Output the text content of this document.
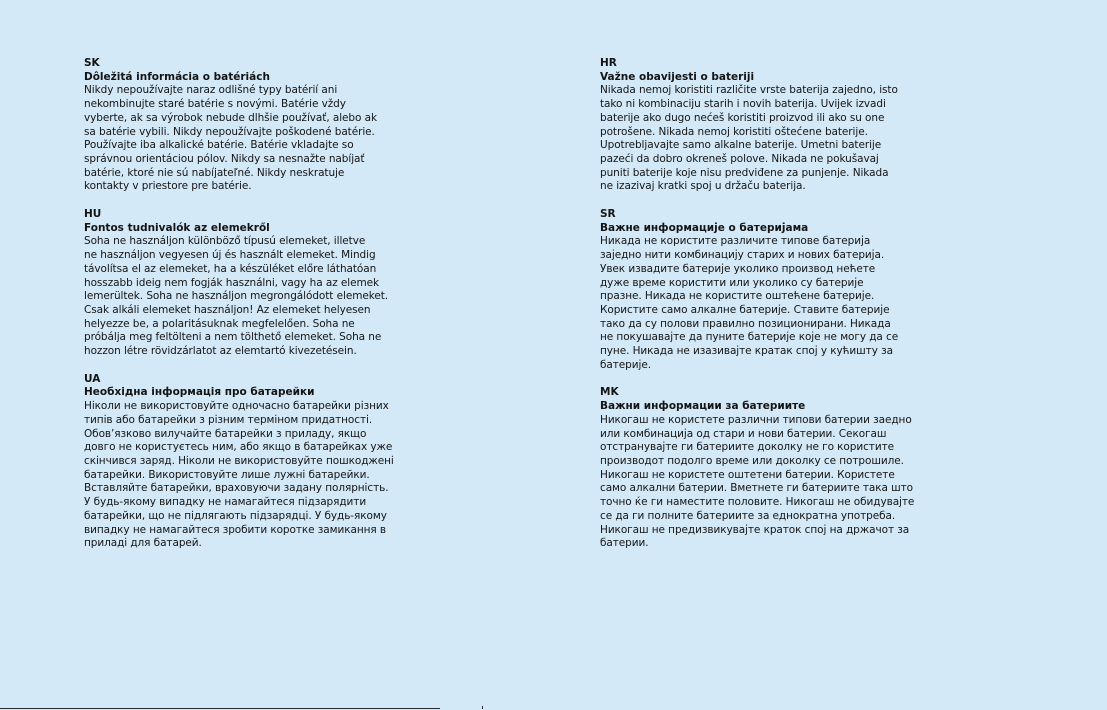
SK

Dôležitá informácia o batériách

Nikdy nepoužívajte naraz odlišné typy batérií ani
nekombinujte staré batérie s novými. Batérie vždy
vyberte, ak sa výrobok nebude dlhšie používať, alebo ak
sa batérie vybili. Nikdy nepoužívajte poškodené batérie.
Používajte iba alkalické batérie. Batérie vkladajte so
správnou orientáciou pólov. Nikdy sa nesnažte nabíjať
batérie, ktoré nie sú nabíjateľné. Nikdy neskratuje
kontakty v priestore pre batérie.

HU

Fontos tudnivalók az elemekről

Soha ne használjon különböző típusú elemeket, illetve
ne használjon vegyesen új és használt elemeket. Mindig
távolítsa el az elemeket, ha a készüléket előre láthatóan
hosszabb ideig nem fogják használni, vagy ha az elemek
lemerültek. Soha ne használjon megrongálódott elemeket.
Csak alkáli elemeket használjon! Az elemeket helyesen
helyezze be, a polaritásuknak megfelelően. Soha ne
próbálja meg feltölteni a nem tölthető elemeket. Soha ne
hozzon létre rövidzárlatot az elemtartó kivezetésein.

UA

Необхідна інформація про батарейки

Ніколи не використовуйте одночасно батарейки різних
типів або батарейки з різним терміном придатності.
Обов’язково вилучайте батарейки з приладу, якщо
довго не користуєтесь ним, або якщо в батарейках уже
скінчився заряд. Ніколи не використовуйте пошкоджені
батарейки. Використовуйте лише лужні батарейки.
Вставляйте батарейки, враховуючи задану полярність.
У будь-якому випадку не намагайтеся підзарядити
батарейки, що не підлягають підзарядці. У будь-якому
випадку не намагайтеся зробити коротке замикання в
приладі для батарей.

HR

Važne obavijesti o bateriji

Nikada nemoj koristiti različite vrste baterija zajedno, isto
tako ni kombinaciju starih i novih baterija. Uvijek izvadi
baterije ako dugo nećeš koristiti proizvod ili ako su one
potrošene. Nikada nemoj koristiti oštećene baterije.
Upotrebljavajte samo alkalne baterije. Umetni baterije
pazeći da dobro okreneš polove. Nikada ne pokušavaj
puniti baterije koje nisu predviđene za punjenje. Nikada
ne izazivaj kratki spoj u držaču baterija.

SR

Важне информације о батеријама

Никада не користите различите типове батерија
заједно нити комбинацију старих и нових батерија.
Увек извадите батерије уколико производ нећете
дуже време користити или уколико су батерије
празне. Никада не користите оштећене батерије.
Користите само алкалне батерије. Ставите батерије
тако да су полови правилно позиционирани. Никада
не покушавајте да пуните батерије које не могу да се
пуне. Никада не изазивајте кратак спој у кућишту за
батерије.

MK

Важни информации за батериите

Никогаш не користете различни типови батерии заедно
или комбинација од стари и нови батерии. Секогаш
отстранувајте ги батериите доколку не го користите
производот подолго време или доколку се потрошиле.
Никогаш не користете оштетени батерии. Користете
само алкални батерии. Вметнете ги батериите така што
точно ќе ги наместите половите. Никогаш не обидувајте
се да ги полните батериите за еднократна употреба.
Никогаш не предизвикувајте краток спој на држачот за
батерии.
